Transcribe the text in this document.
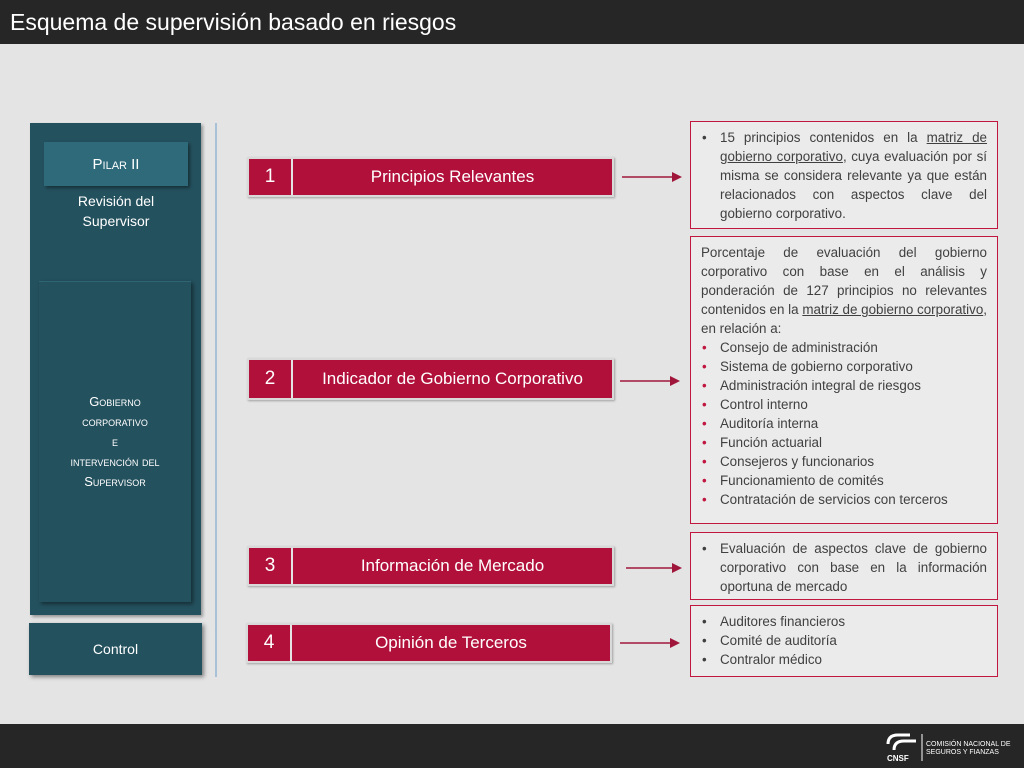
Esquema de supervisión basado en riesgos
Pilar II
Revisión del
Supervisor
Gobierno
corporativo
e
intervención del
Supervisor
Control
1	Principios Relevantes
2	Indicador de Gobierno Corporativo
3	Información de Mercado
4	Opinión de Terceros
• 15 principios contenidos en la matriz de gobierno corporativo, cuya evaluación por sí misma se considera relevante ya que están relacionados con aspectos clave del gobierno corporativo.

Porcentaje de evaluación del gobierno corporativo con base en el análisis y ponderación de 127 principios no relevantes contenidos en la matriz de gobierno corporativo, en relación a:

• Consejo de administración
• Sistema de gobierno corporativo
• Administración integral de riesgos
• Control interno
• Auditoría interna
• Función actuarial
• Consejeros y funcionarios
• Funcionamiento de comités
• Contratación de servicios con terceros
• Evaluación de aspectos clave de gobierno corporativo con base en la información oportuna de mercado
• Auditores financieros
• Comité de auditoría
• Contralor médico
CNSF
COMISIÓN NACIONAL DE
SEGUROS Y FIANZAS
